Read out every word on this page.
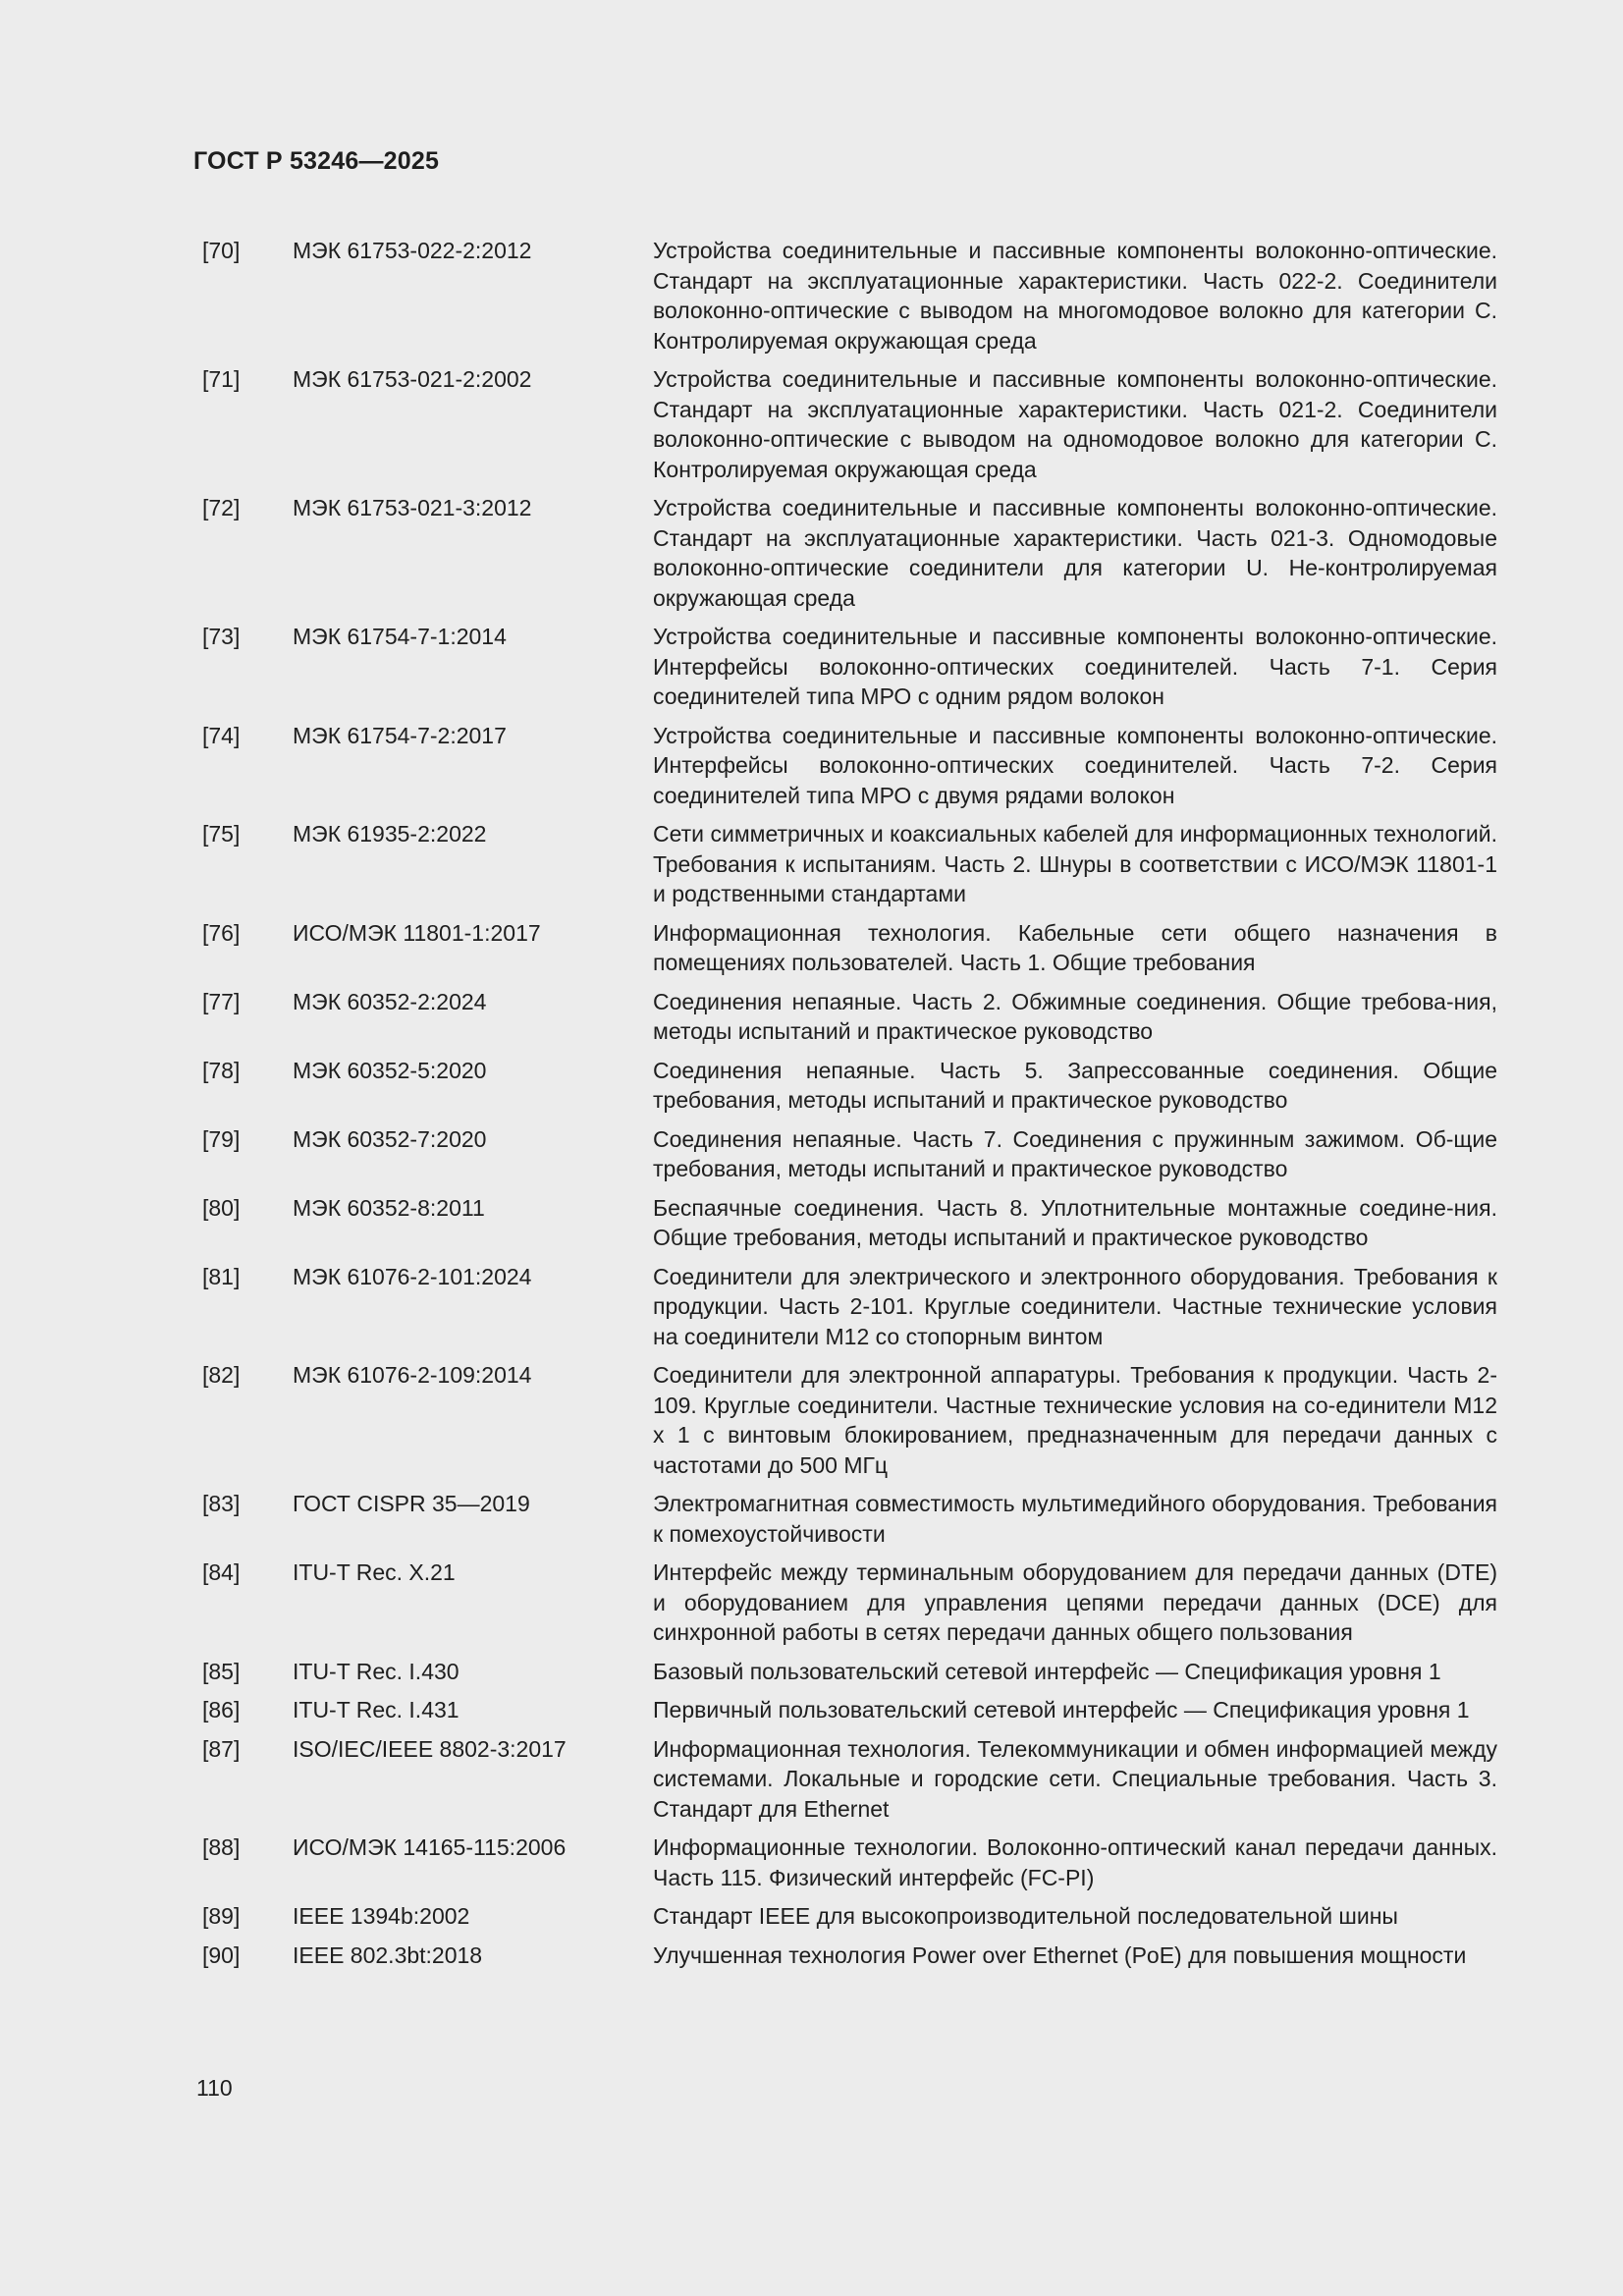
ГОСТ Р 53246—2025
[70]	МЭК 61753-022-2:2012	Устройства соединительные и пассивные компоненты волоконно-оптические. Стандарт на эксплуатационные характеристики. Часть 022-2. Соединители волоконно-оптические с выводом на многомодовое волокно для категории С. Контролируемая окружающая среда
[71]	МЭК 61753-021-2:2002	Устройства соединительные и пассивные компоненты волоконно-оптические. Стандарт на эксплуатационные характеристики. Часть 021-2. Соединители волоконно-оптические с выводом на одномодовое волокно для категории С. Контролируемая окружающая среда
[72]	МЭК 61753-021-3:2012	Устройства соединительные и пассивные компоненты волоконно-оптические. Стандарт на эксплуатационные характеристики. Часть 021-3. Одномодовые волоконно-оптические соединители для категории U. Не-контролируемая окружающая среда
[73]	МЭК 61754-7-1:2014	Устройства соединительные и пассивные компоненты волоконно-оптические. Интерфейсы волоконно-оптических соединителей. Часть 7-1. Серия соединителей типа МРО с одним рядом волокон
[74]	МЭК 61754-7-2:2017	Устройства соединительные и пассивные компоненты волоконно-оптические. Интерфейсы волоконно-оптических соединителей. Часть 7-2. Серия соединителей типа МРО с двумя рядами волокон
[75]	МЭК 61935-2:2022	Сети симметричных и коаксиальных кабелей для информационных технологий. Требования к испытаниям. Часть 2. Шнуры в соответствии с ИСО/МЭК 11801-1 и родственными стандартами
[76]	ИСО/МЭК 11801-1:2017	Информационная технология. Кабельные сети общего назначения в помещениях пользователей. Часть 1. Общие требования
[77]	МЭК 60352-2:2024	Соединения непаяные. Часть 2. Обжимные соединения. Общие требова-ния, методы испытаний и практическое руководство
[78]	МЭК 60352-5:2020	Соединения непаяные. Часть 5. Запрессованные соединения. Общие требования, методы испытаний и практическое руководство
[79]	МЭК 60352-7:2020	Соединения непаяные. Часть 7. Соединения с пружинным зажимом. Об-щие требования, методы испытаний и практическое руководство
[80]	МЭК 60352-8:2011	Беспаячные соединения. Часть 8. Уплотнительные монтажные соедине-ния. Общие требования, методы испытаний и практическое руководство
[81]	МЭК 61076-2-101:2024	Соединители для электрического и электронного оборудования. Требования к продукции. Часть 2-101. Круглые соединители. Частные технические условия на соединители М12 со стопорным винтом
[82]	МЭК 61076-2-109:2014	Соединители для электронной аппаратуры. Требования к продукции. Часть 2-109. Круглые соединители. Частные технические условия на со-единители М12 х 1 с винтовым блокированием, предназначенным для передачи данных с частотами до 500 МГц
[83]	ГОСТ CISPR 35—2019	Электромагнитная совместимость мультимедийного оборудования. Требования к помехоустойчивости
[84]	ITU-T Rec. X.21	Интерфейс между терминальным оборудованием для передачи данных (DTE) и оборудованием для управления цепями передачи данных (DCE) для синхронной работы в сетях передачи данных общего пользования
[85]	ITU-T Rec. I.430	Базовый пользовательский сетевой интерфейс — Спецификация уровня 1
[86]	ITU-T Rec. I.431	Первичный пользовательский сетевой интерфейс — Спецификация уровня 1
[87]	ISO/IEC/IEEE 8802-3:2017	Информационная технология. Телекоммуникации и обмен информацией между системами. Локальные и городские сети. Специальные требования. Часть 3. Стандарт для Ethernet
[88]	ИСО/МЭК 14165-115:2006	Информационные технологии. Волоконно-оптический канал передачи данных. Часть 115. Физический интерфейс (FC-PI)
[89]	IEEE 1394b:2002	Стандарт IEEE для высокопроизводительной последовательной шины
[90]	IEEE 802.3bt:2018	Улучшенная технология Power over Ethernet (PoE) для повышения мощности
110
